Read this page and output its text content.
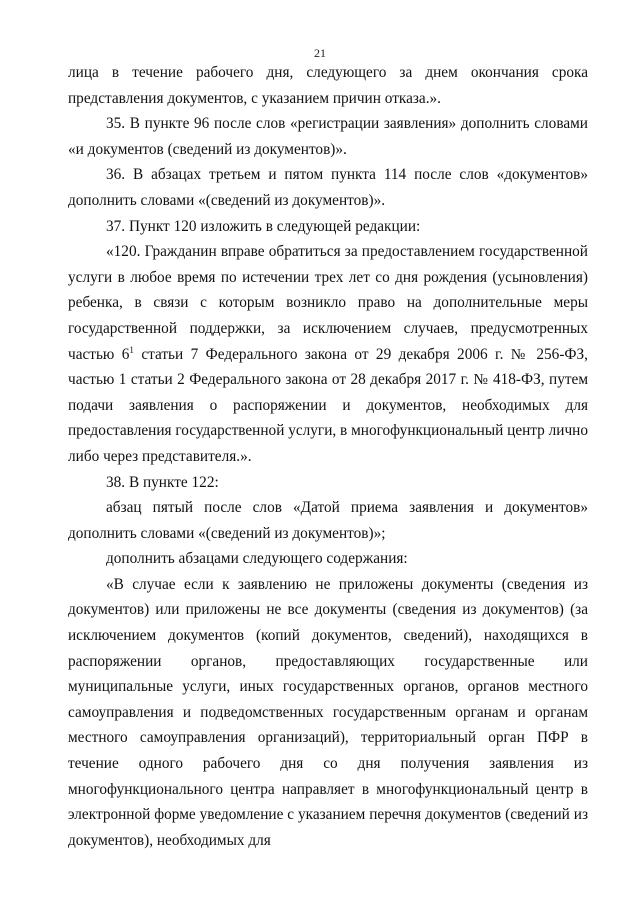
21

лица в течение рабочего дня, следующего за днем окончания срока представления документов, с указанием причин отказа.».

35. В пункте 96 после слов «регистрации заявления» дополнить словами «и документов (сведений из документов)».

36. В абзацах третьем и пятом пункта 114 после слов «документов» дополнить словами «(сведений из документов)».

37. Пункт 120 изложить в следующей редакции:

«120. Гражданин вправе обратиться за предоставлением государственной услуги в любое время по истечении трех лет со дня рождения (усыновления) ребенка, в связи с которым возникло право на дополнительные меры государственной поддержки, за исключением случаев, предусмотренных частью $6^1$ статьи 7 Федерального закона от 29 декабря 2006 г. № 256-ФЗ, частью 1 статьи 2 Федерального закона от 28 декабря 2017 г. № 418-ФЗ, путем подачи заявления о распоряжении и документов, необходимых для предоставления государственной услуги, в многофункциональный центр лично либо через представителя.».

38. В пункте 122:

абзац пятый после слов «Датой приема заявления и документов» дополнить словами «(сведений из документов)»;

дополнить абзацами следующего содержания:

«В случае если к заявлению не приложены документы (сведения из документов) или приложены не все документы (сведения из документов) (за исключением документов (копий документов, сведений), находящихся в распоряжении органов, предоставляющих государственные или муниципальные услуги, иных государственных органов, органов местного самоуправления и подведомственных государственным органам и органам местного самоуправления организаций), территориальный орган ПФР в течение одного рабочего дня со дня получения заявления из многофункционального центра направляет в многофункциональный центр в электронной форме уведомление с указанием перечня документов (сведений из документов), необходимых для
